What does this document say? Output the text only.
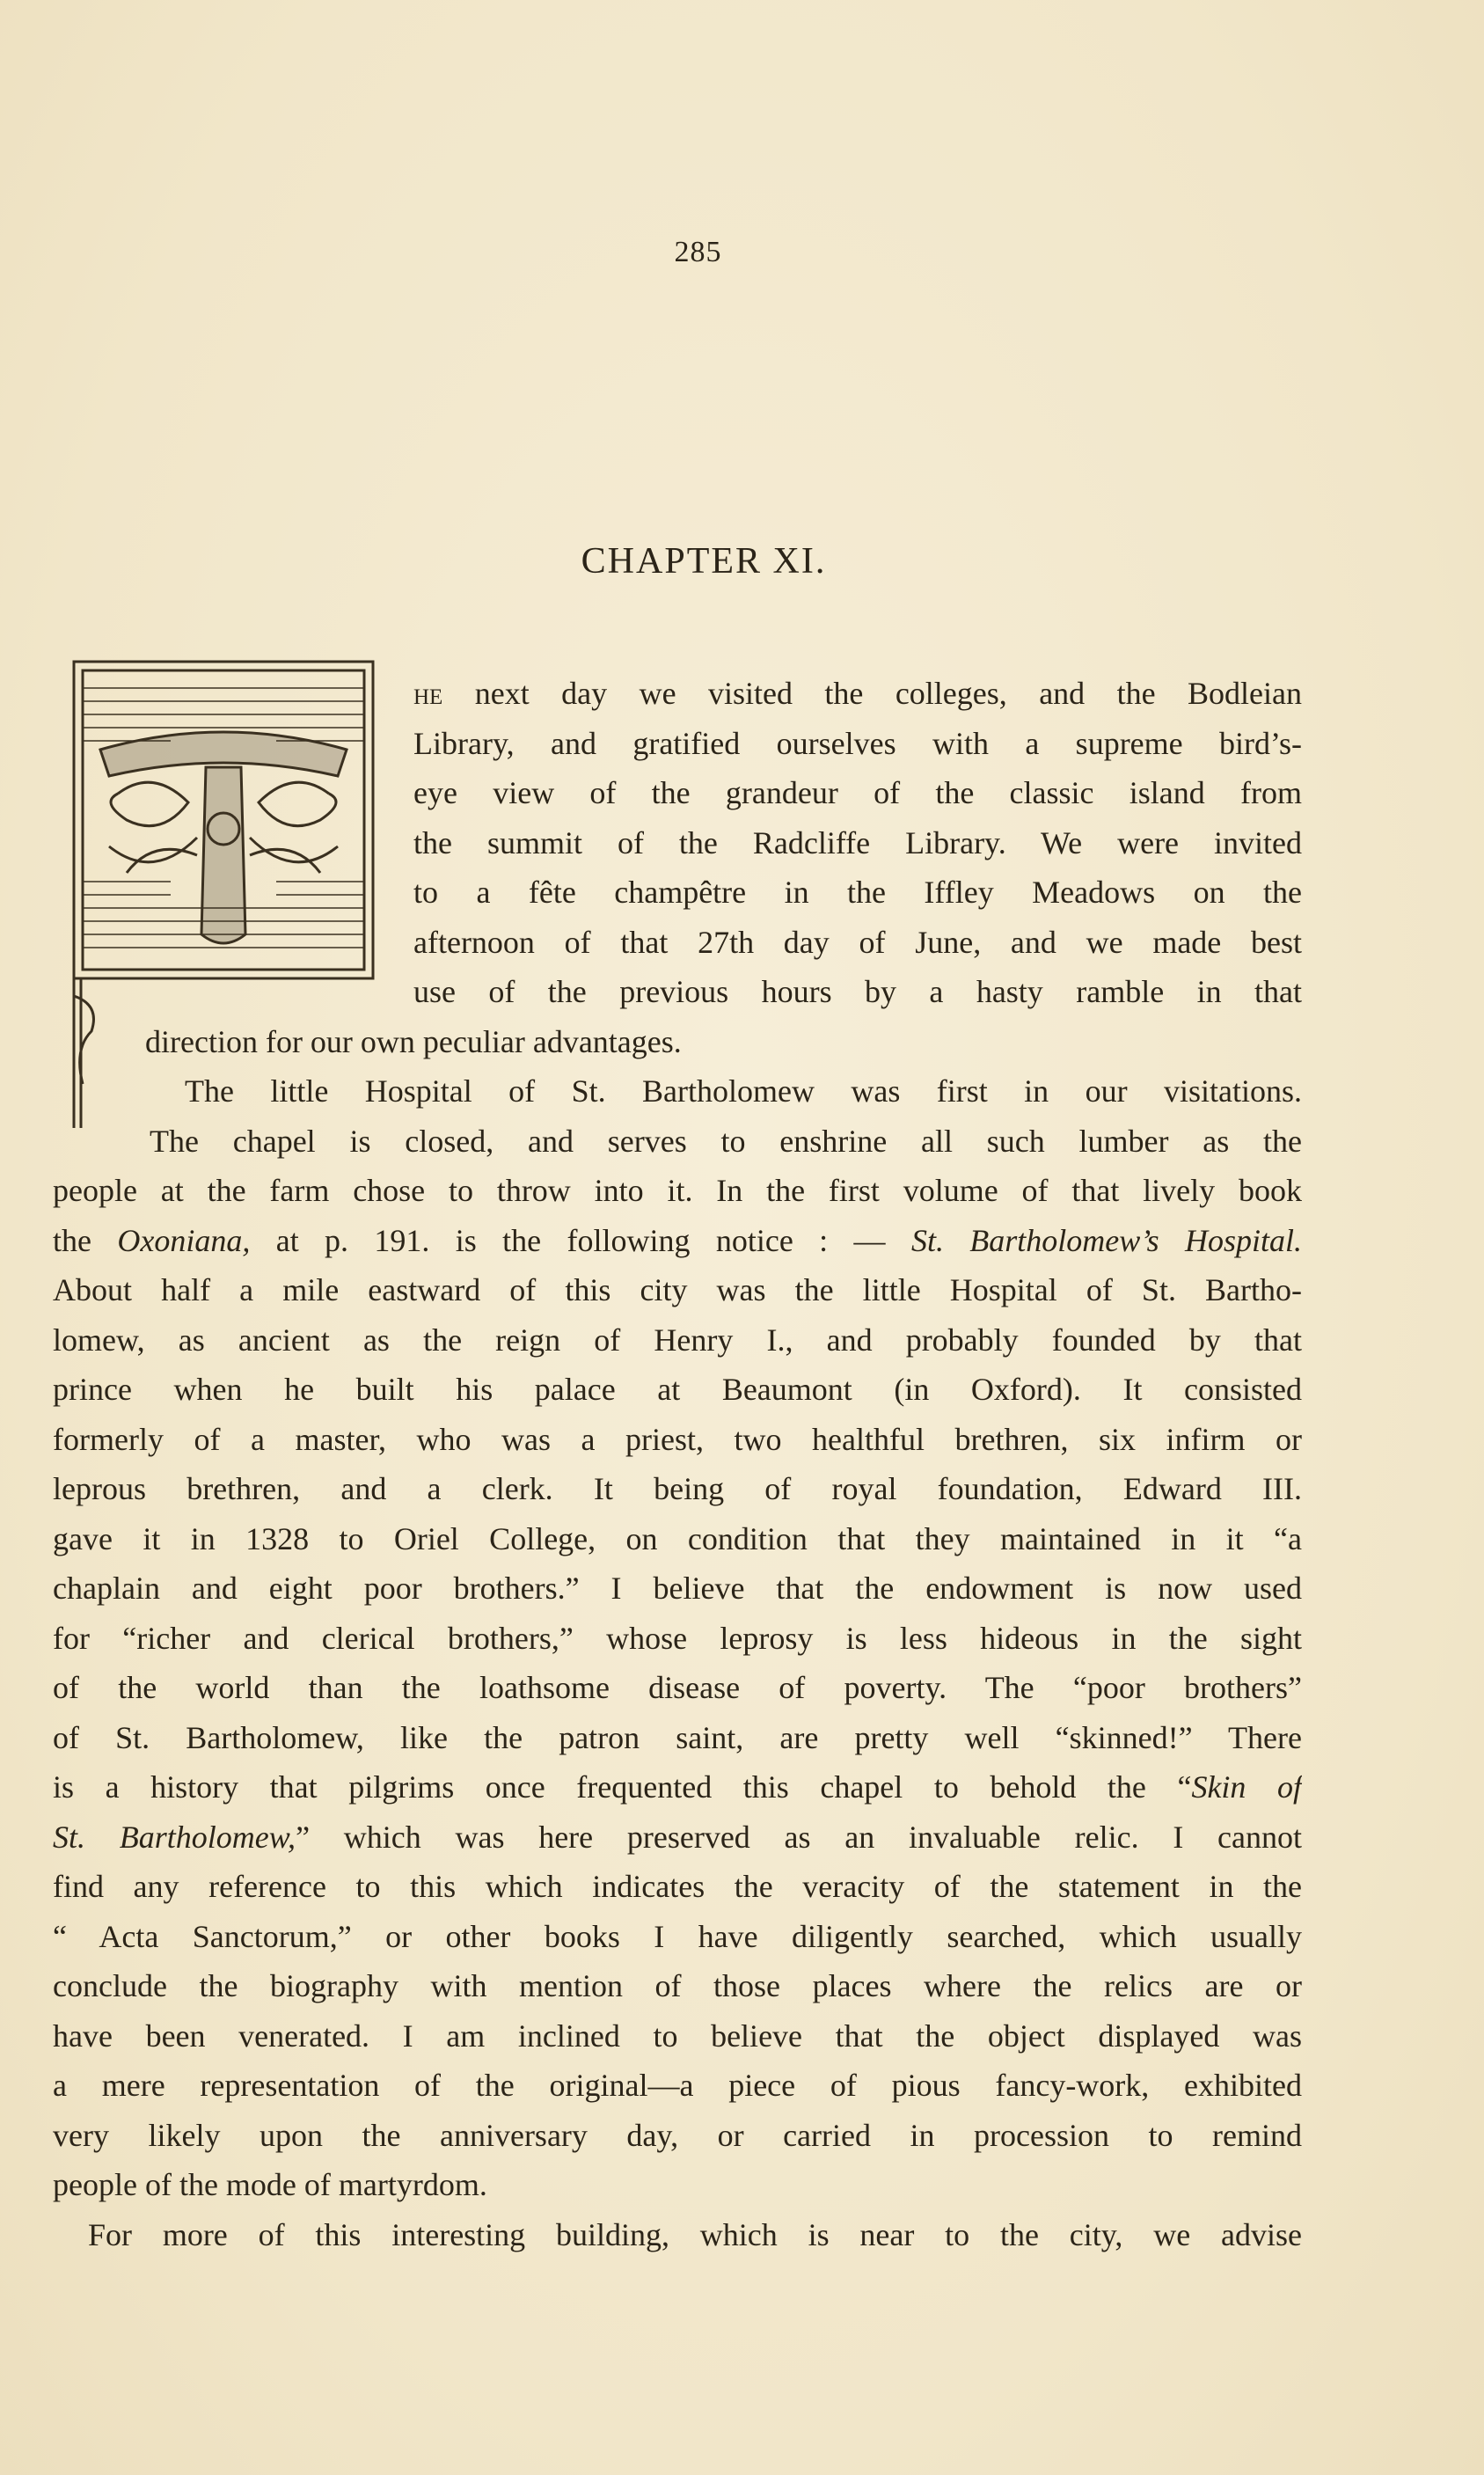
285
CHAPTER XI.
he next day we visited the colleges, and the Bodleian
Library, and gratified ourselves with a supreme bird’s-
eye view of the grandeur of the classic island from
the summit of the Radcliffe Library. We were invited
to a fête champêtre in the Iffley Meadows on the
afternoon of that 27th day of June, and we made best
use of the previous hours by a hasty ramble in that
direction for our own peculiar advantages.
The little Hospital of St. Bartholomew was first in our visitations.
The chapel is closed, and serves to enshrine all such lumber as the
people at the farm chose to throw into it. In the first volume of that lively book
the Oxoniana, at p. 191. is the following notice : — St. Bartholomew’s Hospital.
About half a mile eastward of this city was the little Hospital of St. Bartho-
lomew, as ancient as the reign of Henry I., and probably founded by that
prince when he built his palace at Beaumont (in Oxford). It consisted
formerly of a master, who was a priest, two healthful brethren, six infirm or
leprous brethren, and a clerk. It being of royal foundation, Edward III.
gave it in 1328 to Oriel College, on condition that they maintained in it “a
chaplain and eight poor brothers.” I believe that the endowment is now used
for “richer and clerical brothers,” whose leprosy is less hideous in the sight
of the world than the loathsome disease of poverty. The “poor brothers”
of St. Bartholomew, like the patron saint, are pretty well “skinned!” There
is a history that pilgrims once frequented this chapel to behold the “Skin of
St. Bartholomew,” which was here preserved as an invaluable relic. I cannot
find any reference to this which indicates the veracity of the statement in the
“ Acta Sanctorum,” or other books I have diligently searched, which usually
conclude the biography with mention of those places where the relics are or
have been venerated. I am inclined to believe that the object displayed was
a mere representation of the original—a piece of pious fancy-work, exhibited
very likely upon the anniversary day, or carried in procession to remind
people of the mode of martyrdom.
For more of this interesting building, which is near to the city, we advise
